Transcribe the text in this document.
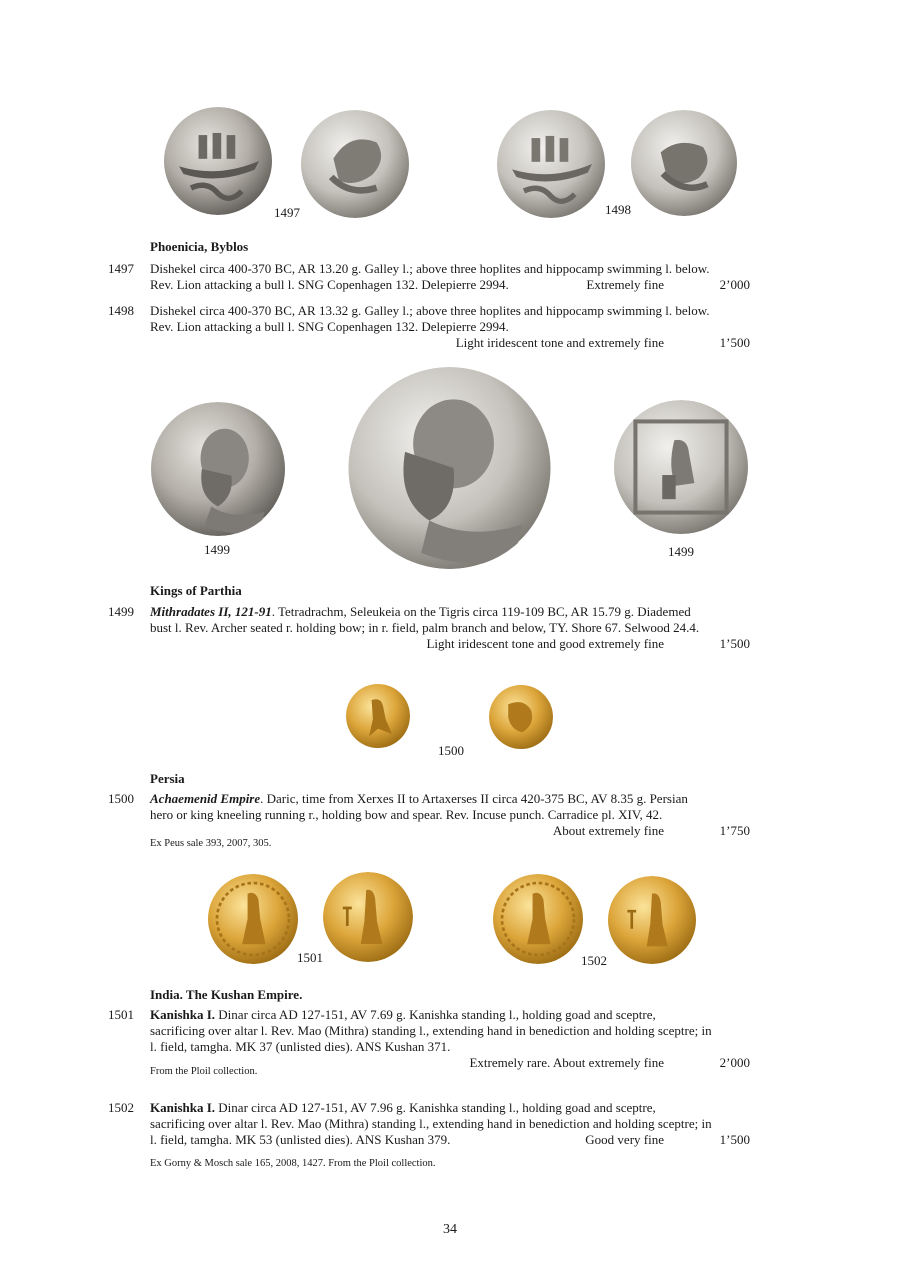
1497	1498
Phoenicia, Byblos
1497 Dishekel circa 400-370 BC, AR 13.20 g. Galley l.; above three hoplites and hippocamp swimming l. below.
Rev. Lion attacking a bull l. SNG Copenhagen 132. Delepierre 2994.	Extremely fine	2’000
1498 Dishekel circa 400-370 BC, AR 13.32 g. Galley l.; above three hoplites and hippocamp swimming l. below.
Rev. Lion attacking a bull l. SNG Copenhagen 132. Delepierre 2994.
Light iridescent tone and extremely fine	1’500
1499	1499
Kings of Parthia
1499 Mithradates II, 121-91. Tetradrachm, Seleukeia on the Tigris circa 119-109 BC, AR 15.79 g. Diademed
bust l. Rev. Archer seated r. holding bow; in r. field, palm branch and below, TY. Shore 67. Selwood 24.4.
Light iridescent tone and good extremely fine	1’500
1500
Persia
1500 Achaemenid Empire. Daric, time from Xerxes II to Artaxerses II circa 420-375 BC, AV 8.35 g. Persian
hero or king kneeling running r., holding bow and spear. Rev. Incuse punch. Carradice pl. XIV, 42.
About extremely fine	1’750
Ex Peus sale 393, 2007, 305.
1501	1502
India. The Kushan Empire.
1501 Kanishka I. Dinar circa AD 127-151, AV 7.69 g. Kanishka standing l., holding goad and sceptre,
sacrificing over altar l. Rev. Mao (Mithra) standing l., extending hand in benediction and holding sceptre; in
l. field, tamgha. MK 37 (unlisted dies). ANS Kushan 371.
Extremely rare. About extremely fine	2’000
From the Ploil collection.
1502 Kanishka I. Dinar circa AD 127-151, AV 7.96 g. Kanishka standing l., holding goad and sceptre,
sacrificing over altar l. Rev. Mao (Mithra) standing l., extending hand in benediction and holding sceptre; in
l. field, tamgha. MK 53 (unlisted dies). ANS Kushan 379.	Good very fine	1’500
Ex Gorny & Mosch sale 165, 2008, 1427. From the Ploil collection.
34
